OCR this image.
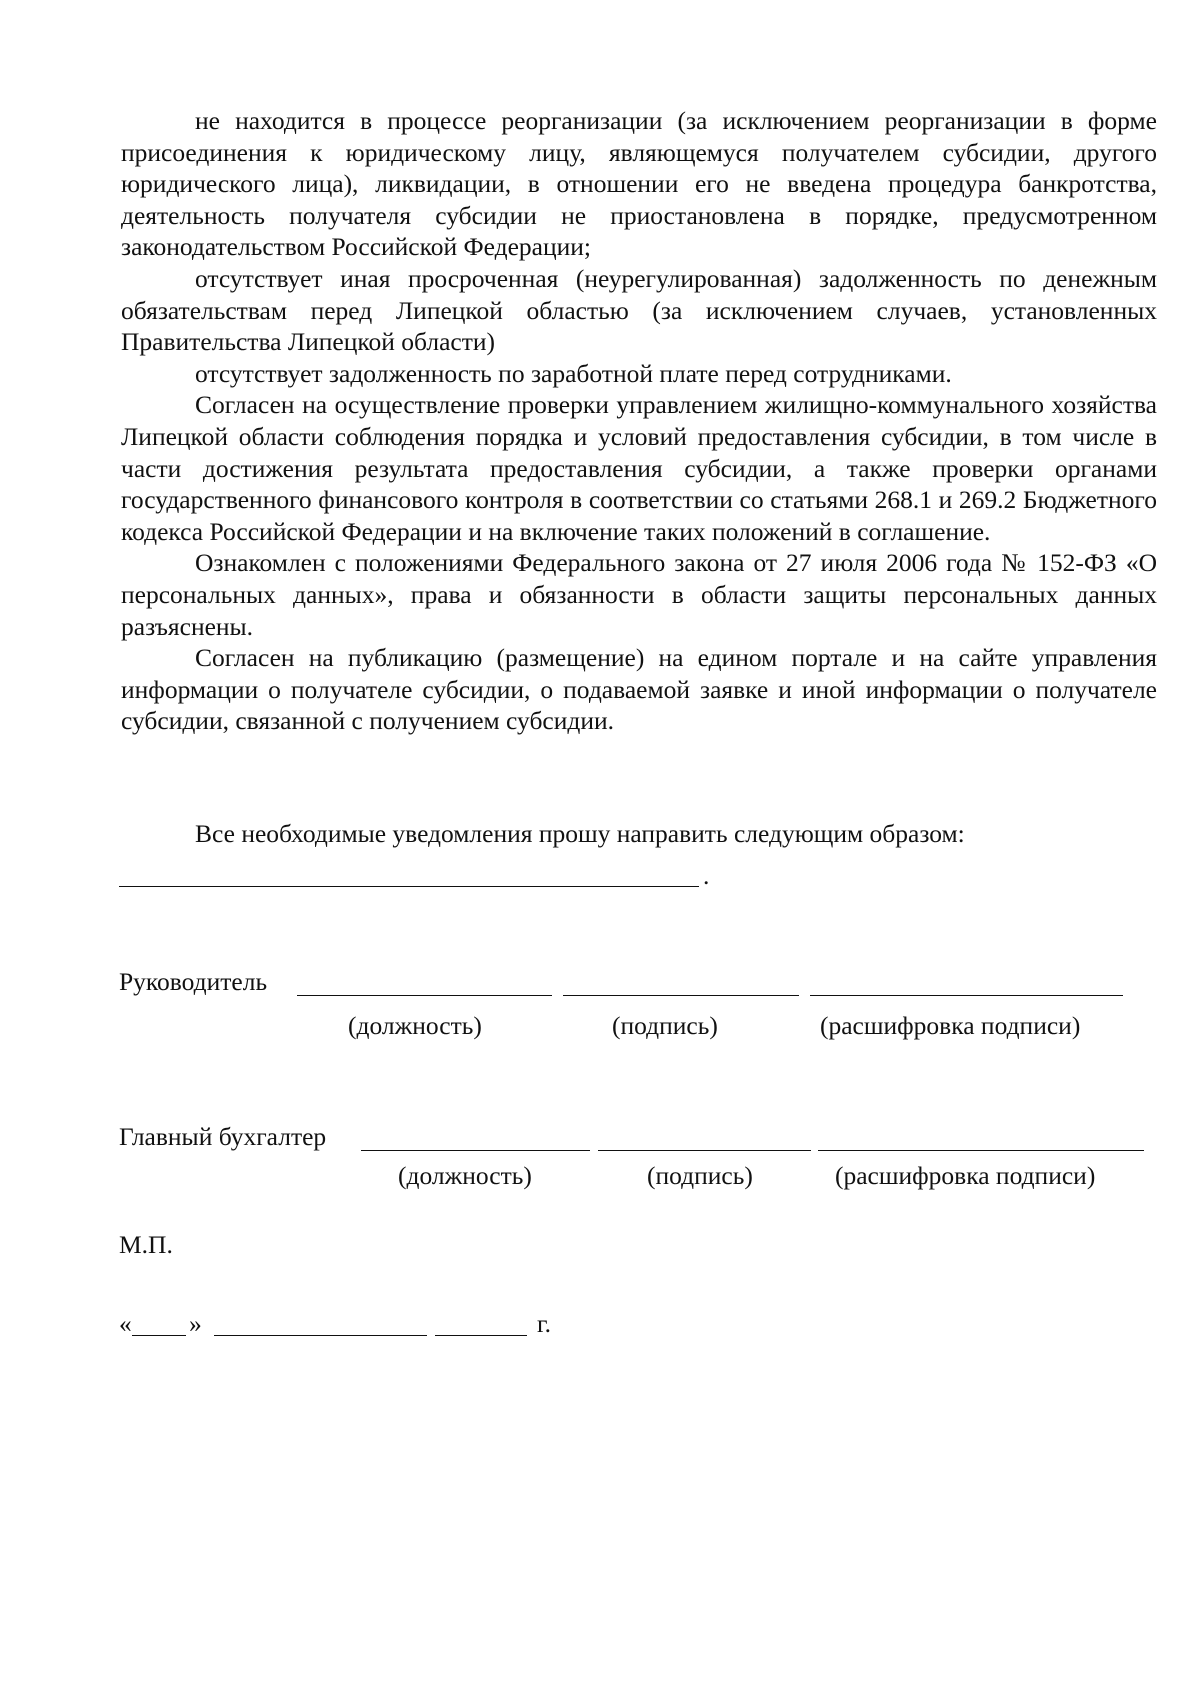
не находится в процессе реорганизации (за исключением реорганизации в форме присоединения к юридическому лицу, являющемуся получателем субсидии, другого юридического лица), ликвидации, в отношении его не введена процедура банкротства, деятельность получателя субсидии не приостановлена в порядке, предусмотренном законодательством Российской Федерации;

отсутствует иная просроченная (неурегулированная) задолженность по денежным обязательствам перед Липецкой областью (за исключением случаев, установленных Правительства Липецкой области)

отсутствует задолженность по заработной плате перед сотрудниками.

Согласен на осуществление проверки управлением жилищно-коммунального хозяйства Липецкой области соблюдения порядка и условий предоставления субсидии, в том числе в части достижения результата предоставления субсидии, а также проверки органами государственного финансового контроля в соответствии со статьями 268.1 и 269.2 Бюджетного кодекса Российской Федерации и на включение таких положений в соглашение.

Ознакомлен с положениями Федерального закона от 27 июля 2006 года № 152-ФЗ «О персональных данных», права и обязанности в области защиты персональных данных разъяснены.

Согласен на публикацию (размещение) на едином портале и на сайте управления информации о получателе субсидии, о подаваемой заявке и иной информации о получателе субсидии, связанной с получением субсидии.

Все необходимые уведомления прошу направить следующим образом:
.
Руководитель
(должность)	(подпись)	(расшифровка подписи)
Главный бухгалтер
(должность)	(подпись)	(расшифровка подписи)
М.П.
« »	г.
